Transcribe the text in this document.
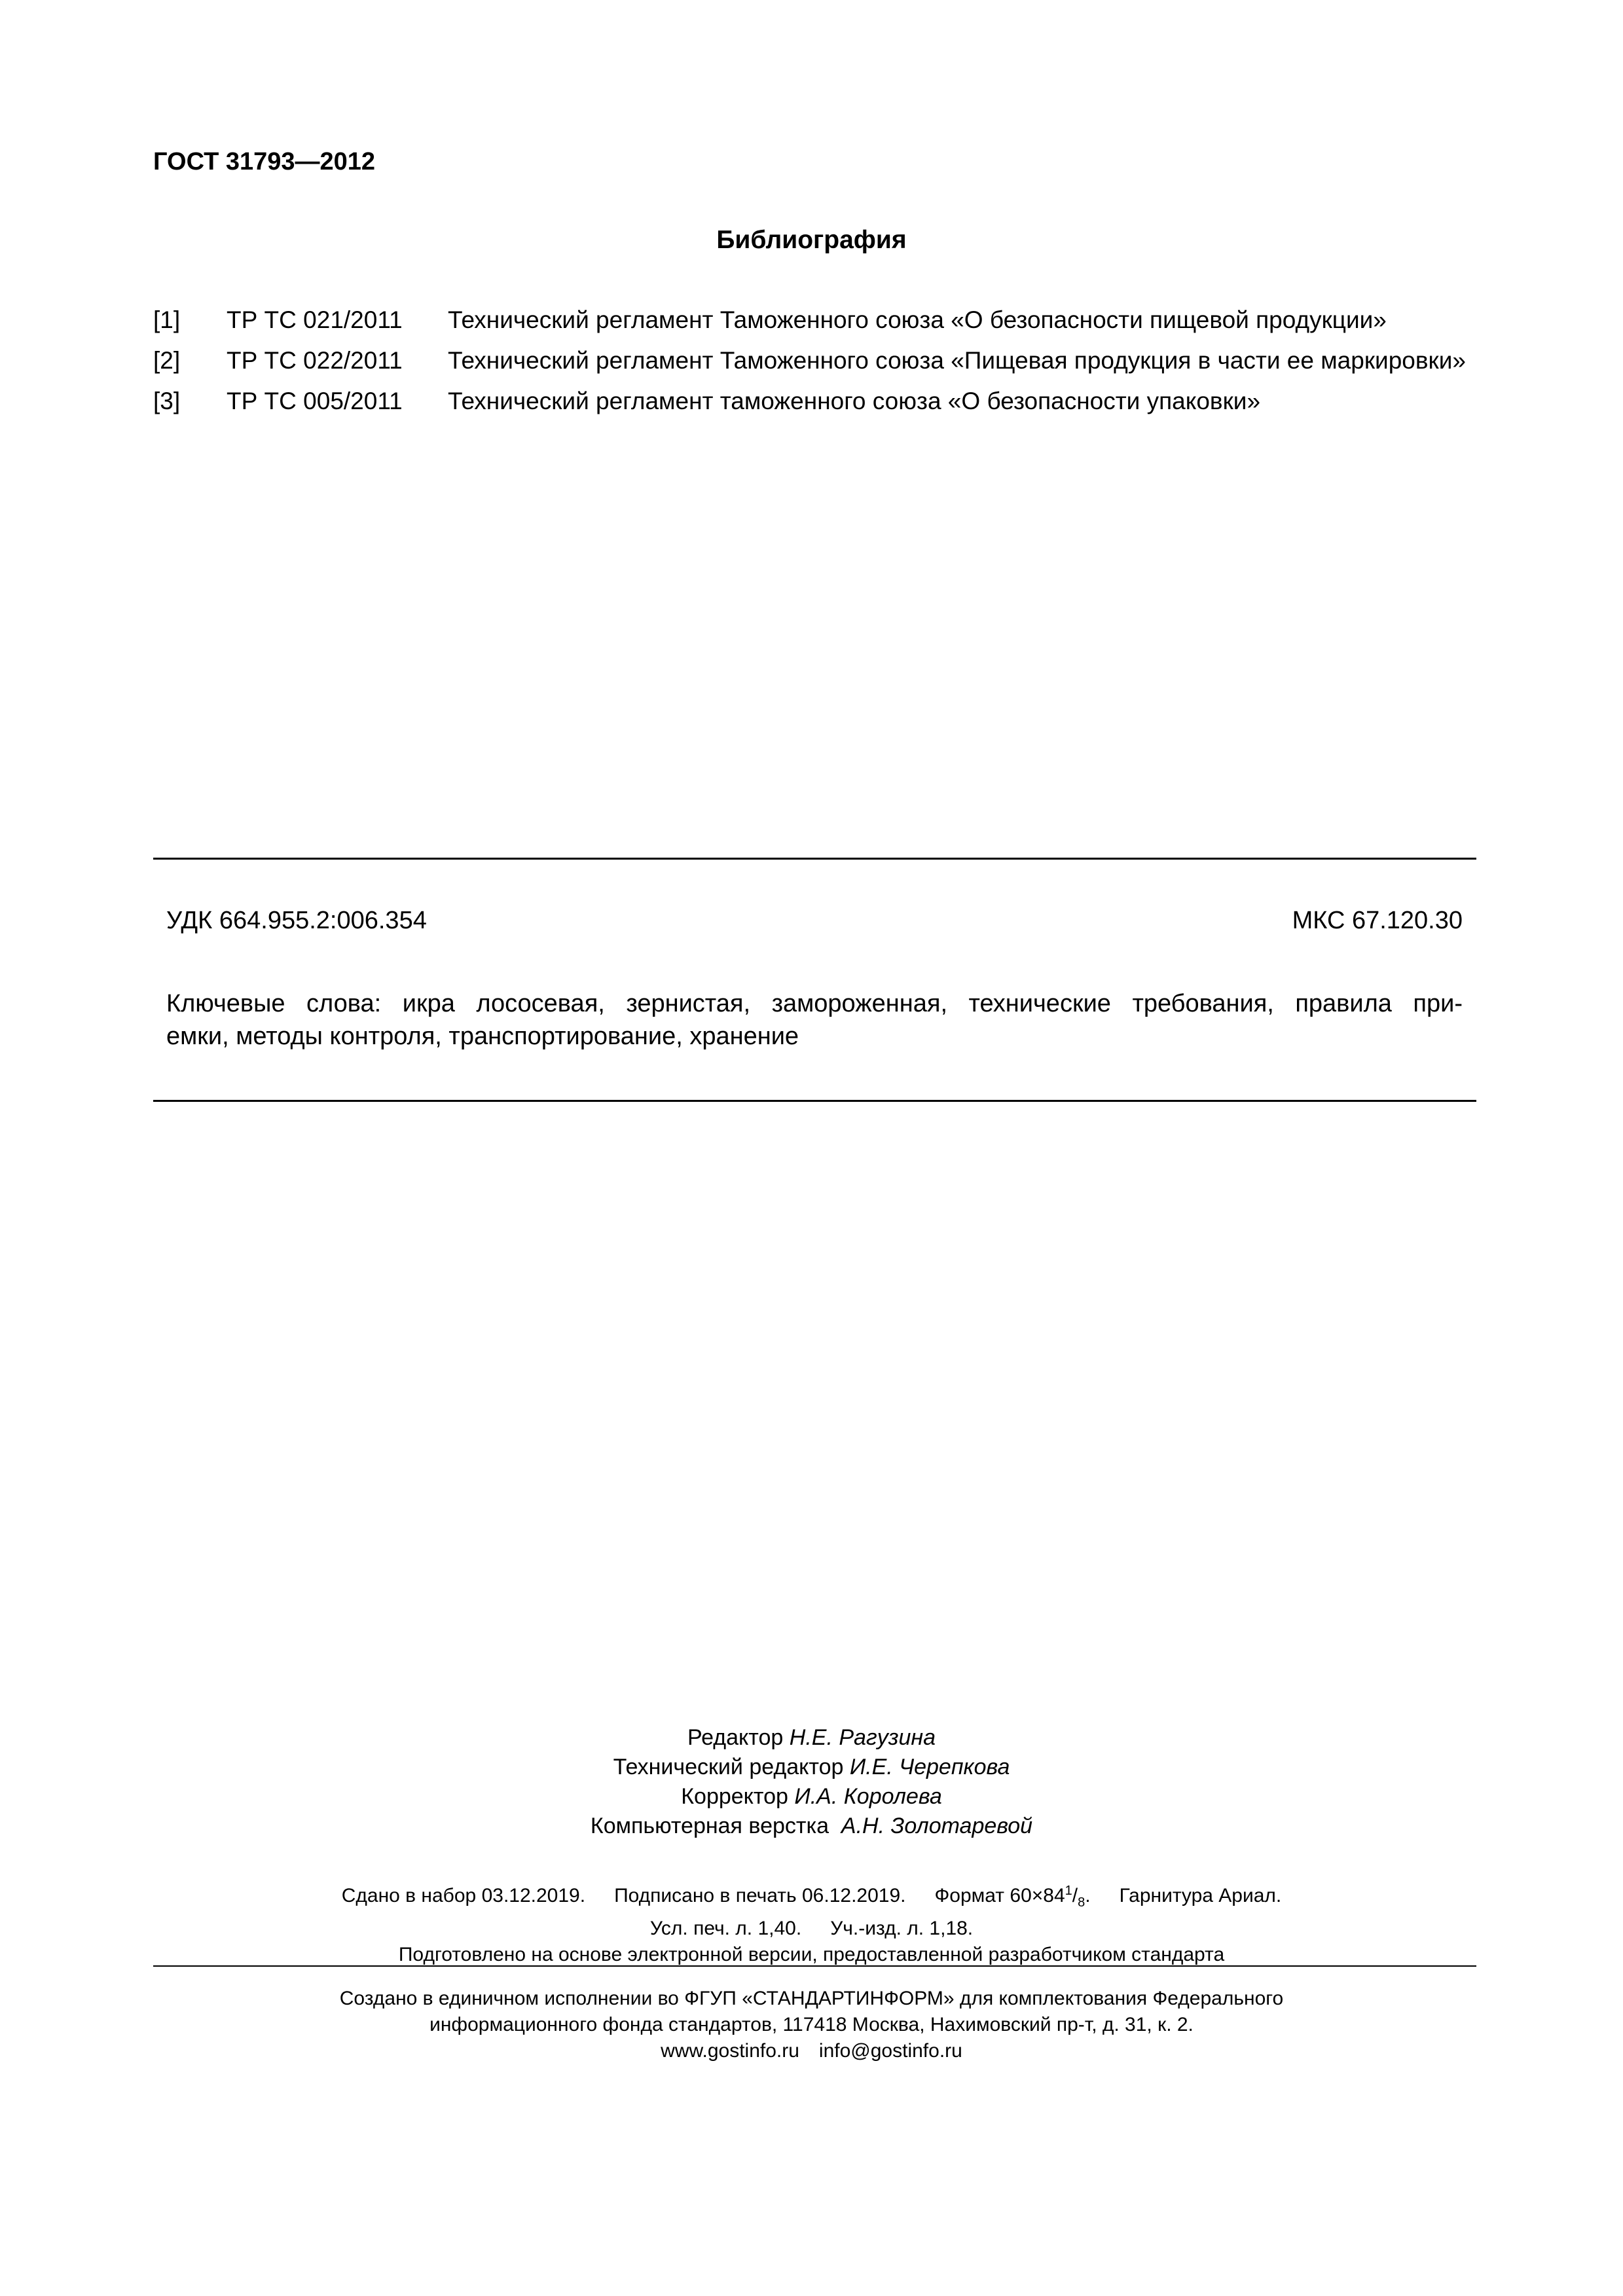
ГОСТ 31793—2012
Библиография
[1] ТР ТС 021/2011 Технический регламент Таможенного союза «О безопасности пищевой продукции»
[2] ТР ТС 022/2011 Технический регламент Таможенного союза «Пищевая продукция в части ее маркировки»
[3] ТР ТС 005/2011 Технический регламент таможенного союза «О безопасности упаковки»
УДК 664.955.2:006.354	МКС 67.120.30
Ключевые слова: икра лососевая, зернистая, замороженная, технические требования, правила при-
емки, методы контроля, транспортирование, хранение
Редактор Н.Е. Рагузина
Технический редактор И.Е. Черепкова
Корректор И.А. Королева
Компьютерная верстка А.Н. Золотаревой
Сдано в набор 03.12.2019. Подписано в печать 06.12.2019. Формат $60\times 84^1/_8$. Гарнитура Ариал.
Усл. печ. л. 1,40. Уч.-изд. л. 1,18.
Подготовлено на основе электронной версии, предоставленной разработчиком стандарта
Создано в единичном исполнении во ФГУП «СТАНДАРТИНФОРМ» для комплектования Федерального
информационного фонда стандартов, 117418 Москва, Нахимовский пр-т, д. 31, к. 2.
www.gostinfo.ru info@gostinfo.ru
